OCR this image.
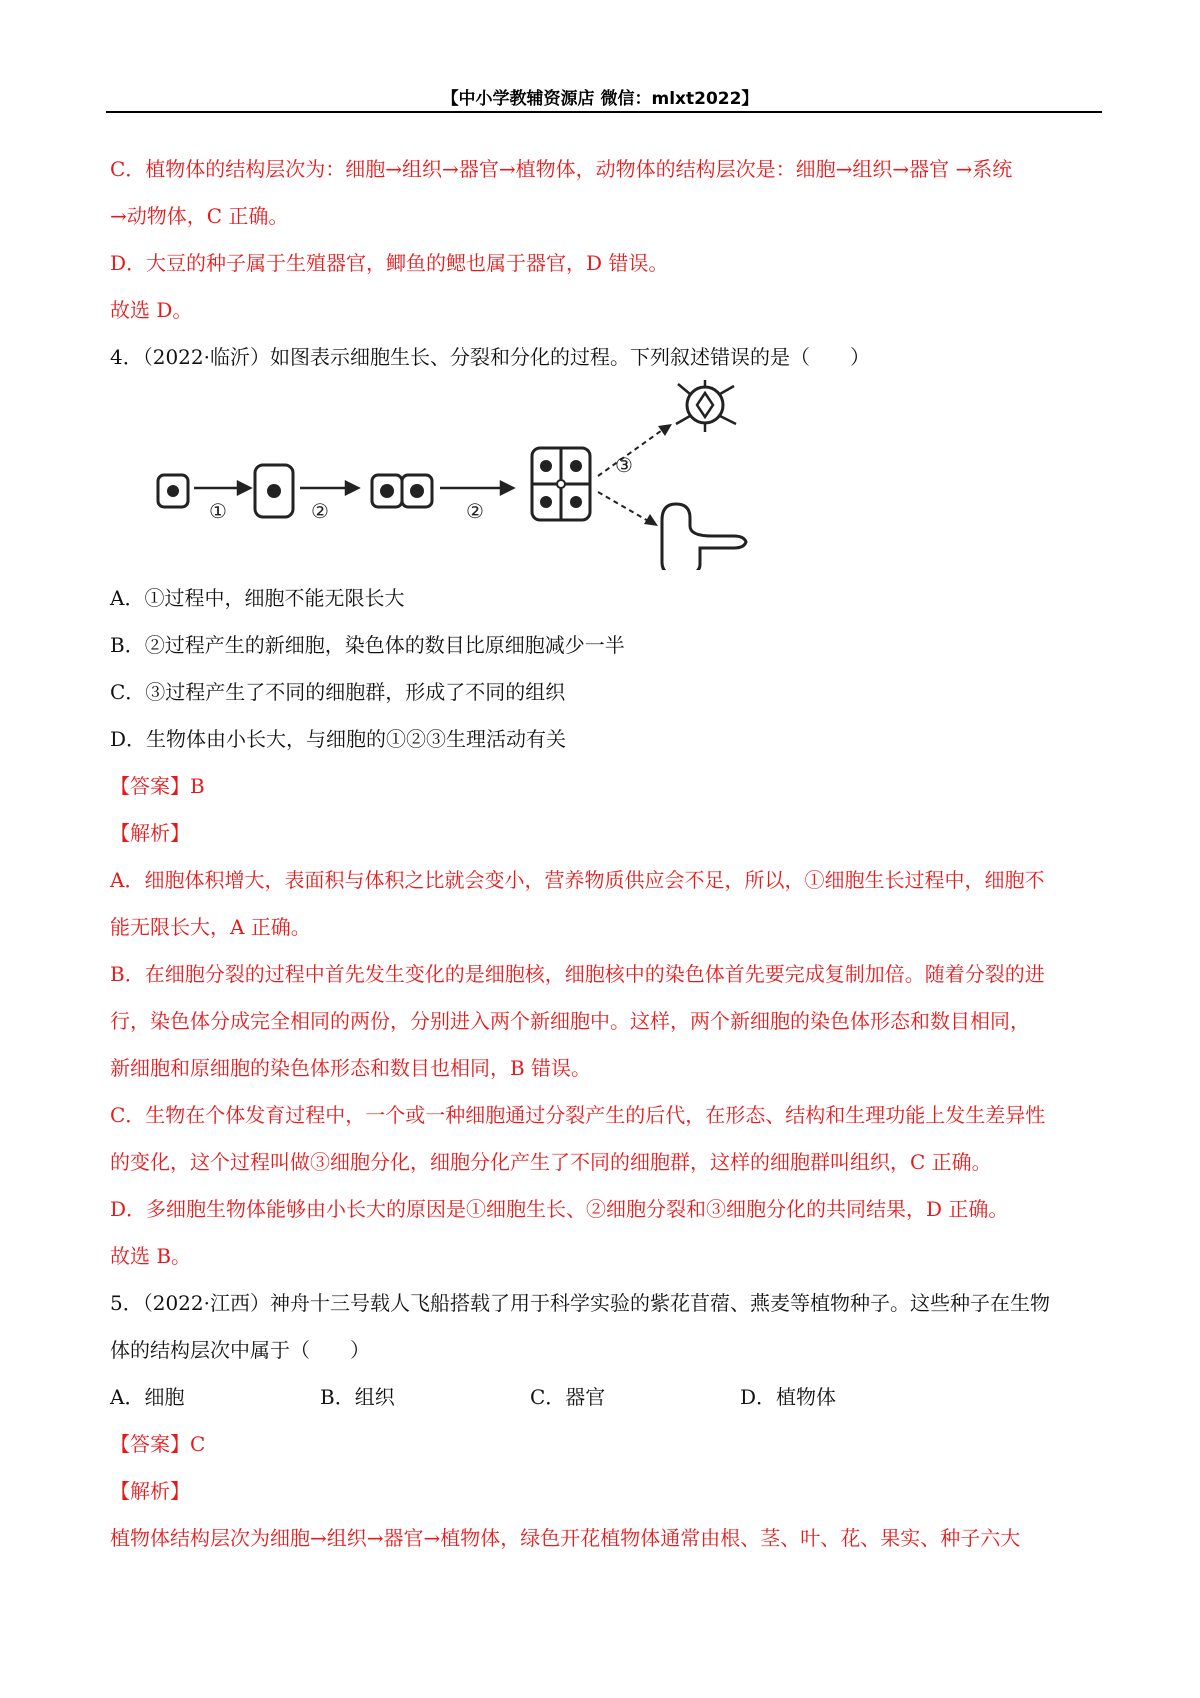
【中小学教辅资源店 微信：mlxt2022】
C．植物体的结构层次为：细胞→组织→器官→植物体，动物体的结构层次是：细胞→组织→器官 →系统
→动物体，C 正确。
D．大豆的种子属于生殖器官，鲫鱼的鳃也属于器官，D 错误。
故选 D。
4．（2022·临沂）如图表示细胞生长、分裂和分化的过程。下列叙述错误的是（　　）
①	②	②
③
A．①过程中，细胞不能无限长大
B．②过程产生的新细胞，染色体的数目比原细胞减少一半
C．③过程产生了不同的细胞群，形成了不同的组织
D．生物体由小长大，与细胞的①②③生理活动有关
【答案】B
【解析】
A．细胞体积增大，表面积与体积之比就会变小，营养物质供应会不足，所以，①细胞生长过程中，细胞不
能无限长大，A 正确。
B．在细胞分裂的过程中首先发生变化的是细胞核，细胞核中的染色体首先要完成复制加倍。随着分裂的进
行，染色体分成完全相同的两份，分别进入两个新细胞中。这样，两个新细胞的染色体形态和数目相同，
新细胞和原细胞的染色体形态和数目也相同，B 错误。
C．生物在个体发育过程中，一个或一种细胞通过分裂产生的后代，在形态、结构和生理功能上发生差异性
的变化，这个过程叫做③细胞分化，细胞分化产生了不同的细胞群，这样的细胞群叫组织，C 正确。
D．多细胞生物体能够由小长大的原因是①细胞生长、②细胞分裂和③细胞分化的共同结果，D 正确。
故选 B。
5．（2022·江西）神舟十三号载人飞船搭载了用于科学实验的紫花苜蓿、燕麦等植物种子。这些种子在生物
体的结构层次中属于（　　）
A．细胞	B．组织	C．器官	D．植物体
【答案】C
【解析】
植物体结构层次为细胞→组织→器官→植物体，绿色开花植物体通常由根、茎、叶、花、果实、种子六大
